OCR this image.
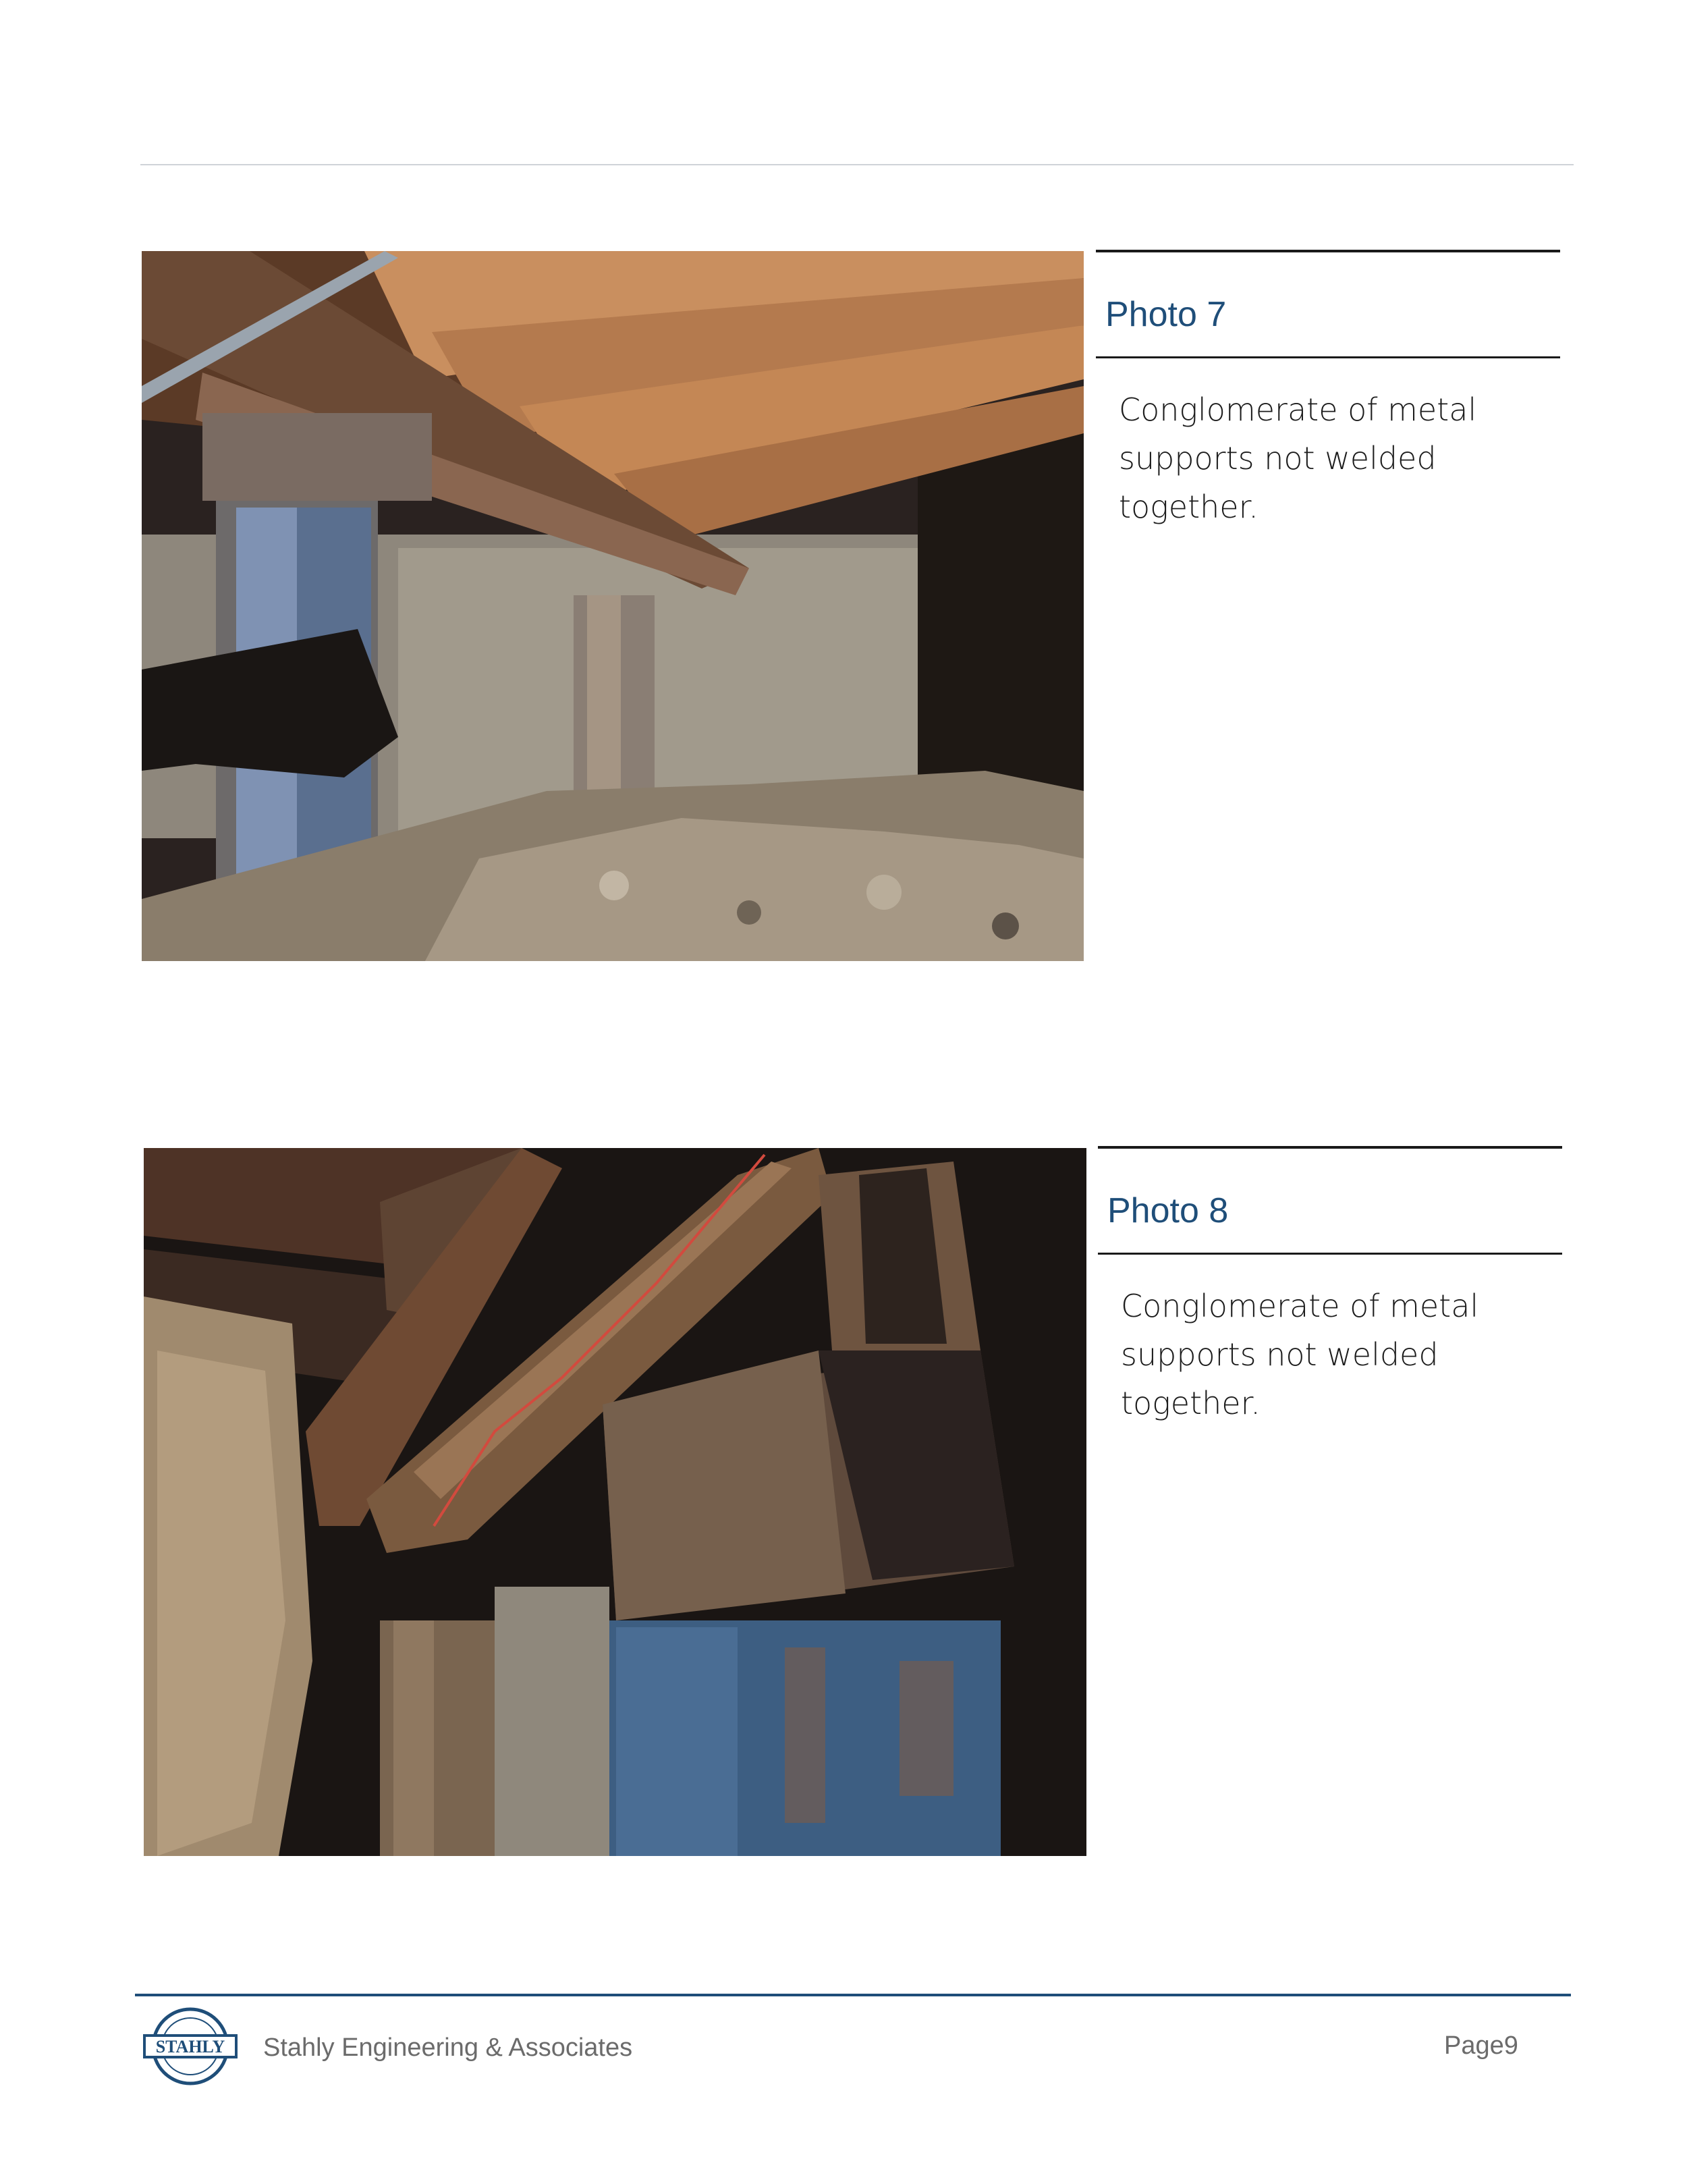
Photo 7
Conglomerate of metal supports not welded together.
Photo 8
Conglomerate of metal supports not welded together.
STAHLY Stahly Engineering & Associates	Page9
